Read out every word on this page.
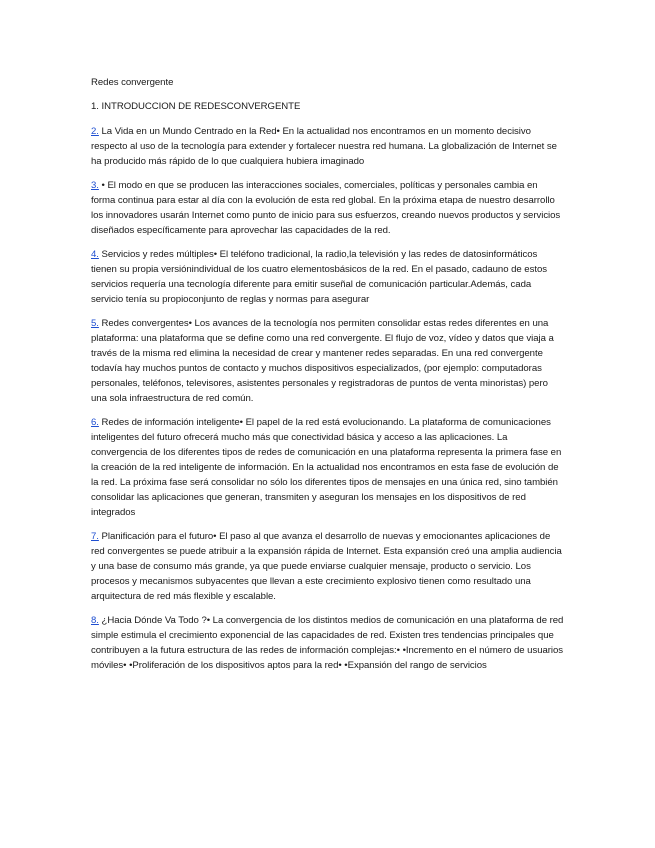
Redes convergente
1. INTRODUCCION DE REDESCONVERGENTE

2. La Vida en un Mundo Centrado en la Red• En la actualidad nos encontramos en un momento decisivo respecto al uso de la tecnología para extender y fortalecer nuestra red humana. La globalización de Internet se ha producido más rápido de lo que cualquiera hubiera imaginado

3. • El modo en que se producen las interacciones sociales, comerciales, políticas y personales cambia en forma continua para estar al día con la evolución de esta red global. En la próxima etapa de nuestro desarrollo los innovadores usarán Internet como punto de inicio para sus esfuerzos, creando nuevos productos y servicios diseñados específicamente para aprovechar las capacidades de la red.

4. Servicios y redes múltiples• El teléfono tradicional, la radio,la televisión y las redes de datosinformáticos tienen su propia versiónindividual de los cuatro elementosbásicos de la red. En el pasado, cadauno de estos servicios requería una tecnología diferente para emitir suseñal de comunicación particular.Además, cada servicio tenía su propioconjunto de reglas y normas para asegurar

5. Redes convergentes• Los avances de la tecnología nos permiten consolidar estas redes diferentes en una plataforma: una plataforma que se define como una red convergente. El flujo de voz, vídeo y datos que viaja a través de la misma red elimina la necesidad de crear y mantener redes separadas. En una red convergente todavía hay muchos puntos de contacto y muchos dispositivos especializados, (por ejemplo: computadoras personales, teléfonos, televisores, asistentes personales y registradoras de puntos de venta minoristas) pero una sola infraestructura de red común.

6. Redes de información inteligente• El papel de la red está evolucionando. La plataforma de comunicaciones inteligentes del futuro ofrecerá mucho más que conectividad básica y acceso a las aplicaciones. La convergencia de los diferentes tipos de redes de comunicación en una plataforma representa la primera fase en la creación de la red inteligente de información. En la actualidad nos encontramos en esta fase de evolución de la red. La próxima fase será consolidar no sólo los diferentes tipos de mensajes en una única red, sino también consolidar las aplicaciones que generan, transmiten y aseguran los mensajes en los dispositivos de red integrados

7. Planificación para el futuro• El paso al que avanza el desarrollo de nuevas y emocionantes aplicaciones de red convergentes se puede atribuir a la expansión rápida de Internet. Esta expansión creó una amplia audiencia y una base de consumo más grande, ya que puede enviarse cualquier mensaje, producto o servicio. Los procesos y mecanismos subyacentes que llevan a este crecimiento explosivo tienen como resultado una arquitectura de red más flexible y escalable.

8. ¿Hacia Dónde Va Todo ?• La convergencia de los distintos medios de comunicación en una plataforma de red simple estimula el crecimiento exponencial de las capacidades de red. Existen tres tendencias principales que contribuyen a la futura estructura de las redes de información complejas:• •Incremento en el número de usuarios móviles• •Proliferación de los dispositivos aptos para la red• •Expansión del rango de servicios
